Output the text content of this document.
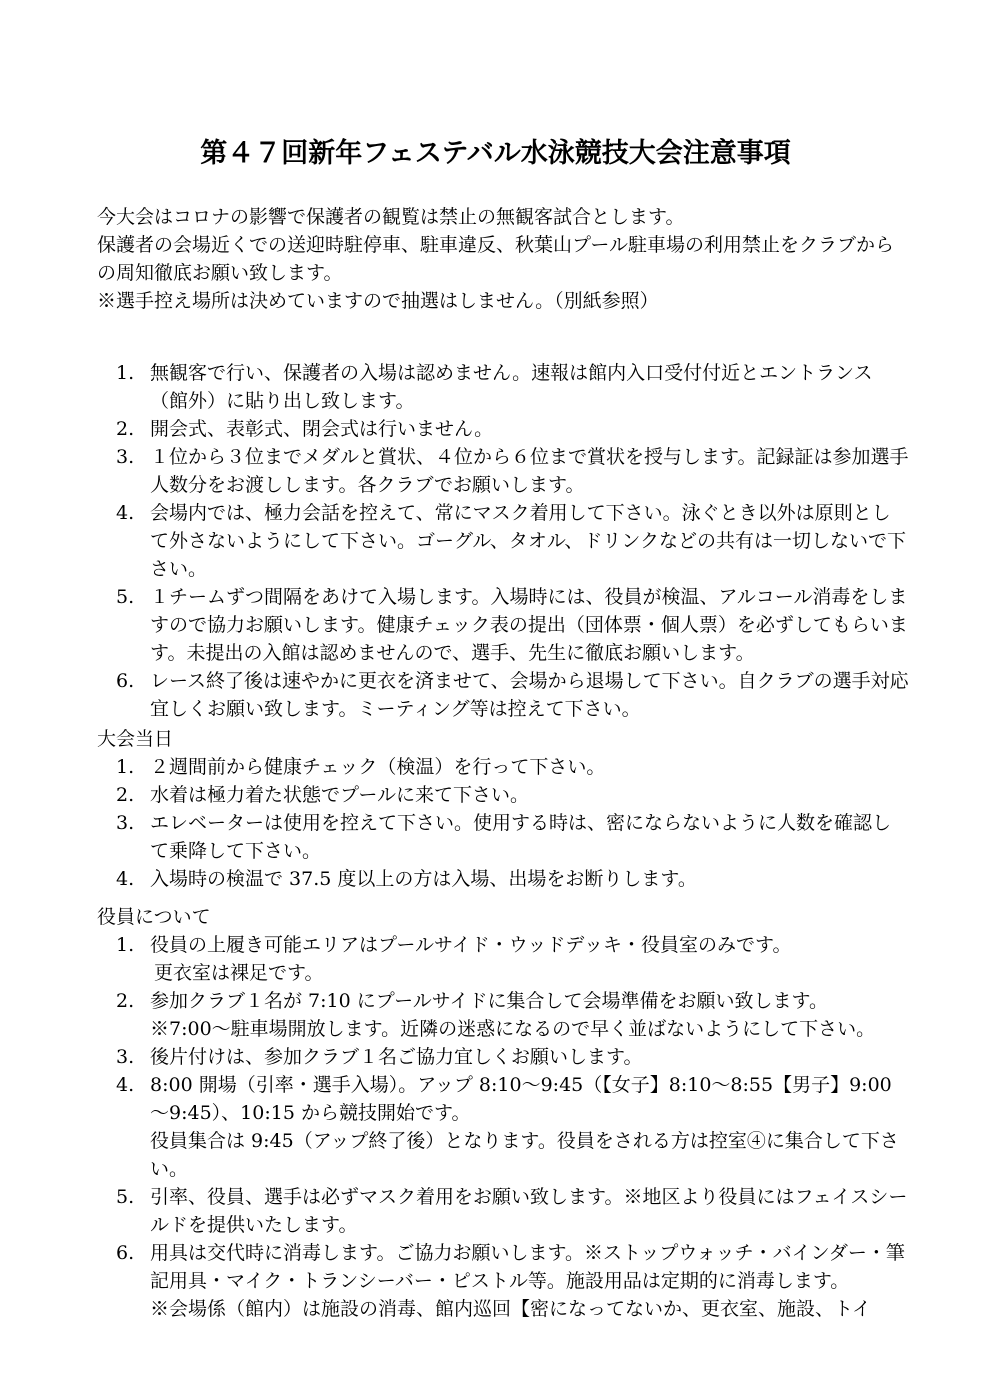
第４７回新年フェステバル水泳競技大会注意事項

今大会はコロナの影響で保護者の観覧は禁止の無観客試合とします。

保護者の会場近くでの送迎時駐停車、駐車違反、秋葉山プール駐車場の利用禁止をクラブからの周知徹底お願い致します。

※選手控え場所は決めていますので抽選はしません。（別紙参照）

1. 無観客で行い、保護者の入場は認めません。速報は館内入口受付付近とエントランス（館外）に貼り出し致します。
2. 開会式、表彰式、閉会式は行いません。
3. １位から３位までメダルと賞状、４位から６位まで賞状を授与します。記録証は参加選手人数分をお渡しします。各クラブでお願いします。
4. 会場内では、極力会話を控えて、常にマスク着用して下さい。泳ぐとき以外は原則として外さないようにして下さい。ゴーグル、タオル、ドリンクなどの共有は一切しないで下さい。
5. １チームずつ間隔をあけて入場します。入場時には、役員が検温、アルコール消毒をしますので協力お願いします。健康チェック表の提出（団体票・個人票）を必ずしてもらいます。未提出の入館は認めませんので、選手、先生に徹底お願いします。
6. レース終了後は速やかに更衣を済ませて、会場から退場して下さい。自クラブの選手対応宜しくお願い致します。ミーティング等は控えて下さい。

大会当日

1. ２週間前から健康チェック（検温）を行って下さい。
2. 水着は極力着た状態でプールに来て下さい。
3. エレベーターは使用を控えて下さい。使用する時は、密にならないように人数を確認して乗降して下さい。
4. 入場時の検温で 37.5 度以上の方は入場、出場をお断りします。

役員について

1. 役員の上履き可能エリアはプールサイド・ウッドデッキ・役員室のみです。
更衣室は裸足です。
2. 参加クラブ１名が 7:10 にプールサイドに集合して会場準備をお願い致します。
※7:00～駐車場開放します。近隣の迷惑になるので早く並ばないようにして下さい。
3. 後片付けは、参加クラブ１名ご協力宜しくお願いします。
4. 8:00 開場（引率・選手入場）。アップ 8:10～9:45（【女子】8:10～8:55【男子】9:00～9:45）、10:15 から競技開始です。
役員集合は 9:45（アップ終了後）となります。役員をされる方は控室④に集合して下さい。
5. 引率、役員、選手は必ずマスク着用をお願い致します。※地区より役員にはフェイスシールドを提供いたします。
6. 用具は交代時に消毒します。ご協力お願いします。※ストップウォッチ・バインダー・筆記用具・マイク・トランシーバー・ピストル等。施設用品は定期的に消毒します。
※会場係（館内）は施設の消毒、館内巡回【密になってないか、更衣室、施設、トイ
